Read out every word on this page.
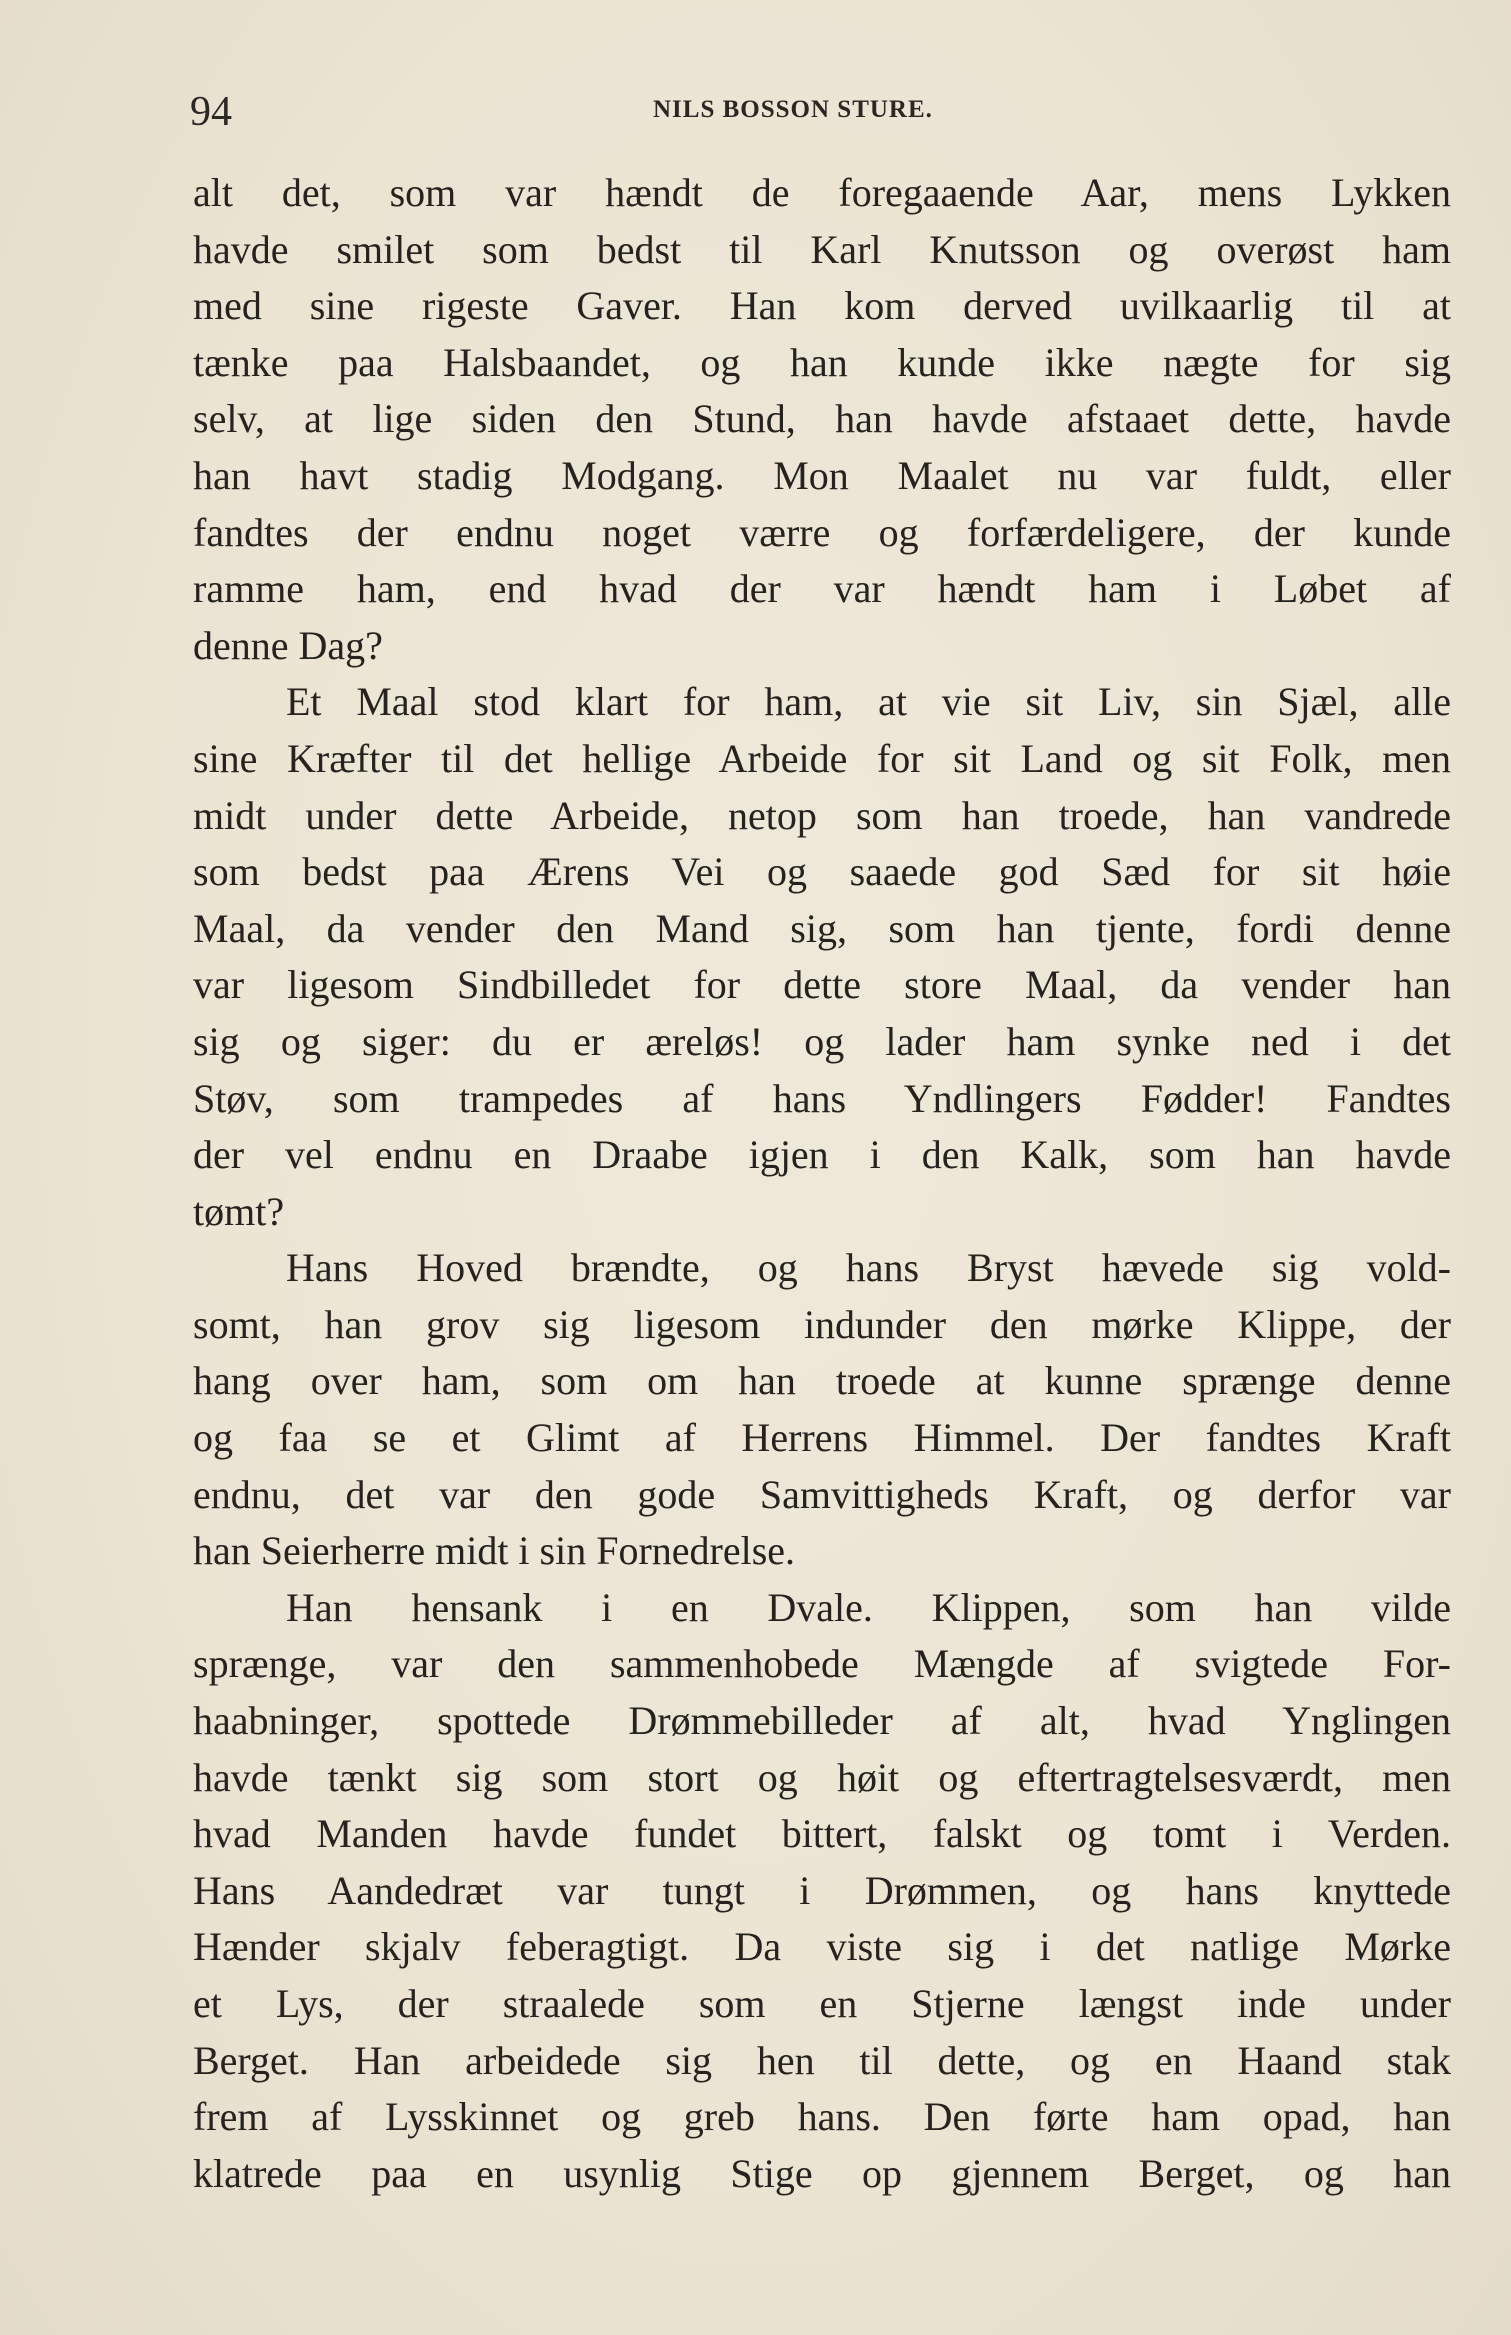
94	NILS BOSSON STURE.
alt det, som var hændt de foregaaende Aar, mens Lykken
havde smilet som bedst til Karl Knutsson og overøst ham
med sine rigeste Gaver. Han kom derved uvilkaarlig til at
tænke paa Halsbaandet, og han kunde ikke nægte for sig
selv, at lige siden den Stund, han havde afstaaet dette, havde
han havt stadig Modgang. Mon Maalet nu var fuldt, eller
fandtes der endnu noget værre og forfærdeligere, der kunde
ramme ham, end hvad der var hændt ham i Løbet af
denne Dag?
Et Maal stod klart for ham, at vie sit Liv, sin Sjæl, alle
sine Kræfter til det hellige Arbeide for sit Land og sit Folk, men
midt under dette Arbeide, netop som han troede, han vandrede
som bedst paa Ærens Vei og saaede god Sæd for sit høie
Maal, da vender den Mand sig, som han tjente, fordi denne
var ligesom Sindbilledet for dette store Maal, da vender han
sig og siger: du er æreløs! og lader ham synke ned i det
Støv, som trampedes af hans Yndlingers Fødder! Fandtes
der vel endnu en Draabe igjen i den Kalk, som han havde
tømt?
Hans Hoved brændte, og hans Bryst hævede sig vold-
somt, han grov sig ligesom indunder den mørke Klippe, der
hang over ham, som om han troede at kunne sprænge denne
og faa se et Glimt af Herrens Himmel. Der fandtes Kraft
endnu, det var den gode Samvittigheds Kraft, og derfor var
han Seierherre midt i sin Fornedrelse.
Han hensank i en Dvale. Klippen, som han vilde
sprænge, var den sammenhobede Mængde af svigtede For-
haabninger, spottede Drømmebilleder af alt, hvad Ynglingen
havde tænkt sig som stort og høit og eftertragtelsesværdt, men
hvad Manden havde fundet bittert, falskt og tomt i Verden.
Hans Aandedræt var tungt i Drømmen, og hans knyttede
Hænder skjalv feberagtigt. Da viste sig i det natlige Mørke
et Lys, der straalede som en Stjerne længst inde under
Berget. Han arbeidede sig hen til dette, og en Haand stak
frem af Lysskinnet og greb hans. Den førte ham opad, han
klatrede paa en usynlig Stige op gjennem Berget, og han
